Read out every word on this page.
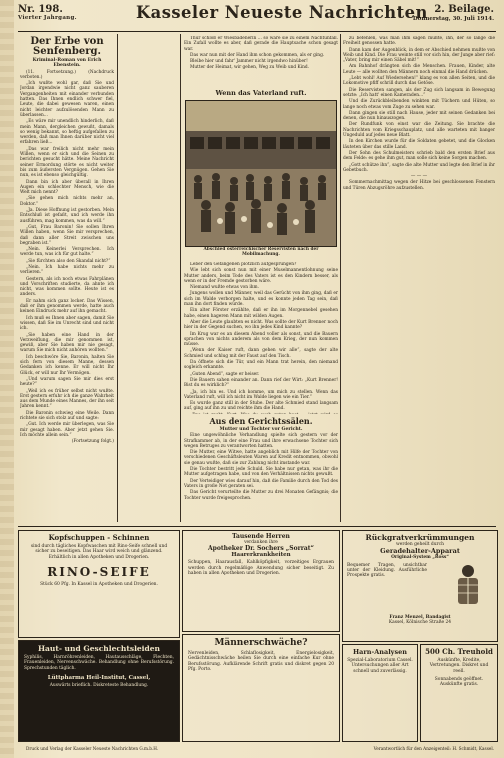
Nr. 198.
Vierter Jahrgang.	Kasseler Neueste Nachrichten 2. Beilage.
Donnerstag, 30. Juli 1914.
Der Erbe von Senfenberg.
Kriminal-Roman von Erich Ebenstein.

(11. Fortsetzung.) (Nachdruck verboten.)

„Ich wußte wohl gar, daß Sie und Jordan irgendwie nicht ganz sauberen Vergangenheiten mit einander verbunden hatten. Das Ihnen endlich schwer fiel, Leute, die dabei gewesen waren, einen nicht leichter aufzulösenden Mann zu überlassen...

„Es wäre mir unendlich hinderlich, daß mein Mann, dergleichen gewußt, damals so wenig bekannt, so heftig aufgefallen zu werden, daß man Ihnen darüber nicht viel erfahren ließ...

„Das war freilich nicht mehr mein Willen, wenn er sich und die Seinen zu berichten gesucht hätte. Meine Nachricht seiner Ermordung störte es nicht weiter bis zum äußersten Vergnügen. Gehen Sie nun, es ist ebenso gleichgültig.

Dann bin ich aber überall in Ihren Augen ein schlechter Mensch, wie die Welt mich nennt?

„Sie gehen mich nichts mehr an, Doktor.“

„Ja. Diese Hoffnung ist gestorben. Mein Entschluß ist gefaßt, und ich werde ihn ausführen, mag kommen, was da will.“

„Gut, Frau Baronin! Sie sollen Ihren Willen haben, wenn Sie mir versprechen, daß dann aller Streit zwischen uns begraben ist.“

„Nein. Keinerlei Versprechen. Ich werde tun, was ich für gut halte.“

„Sie fürchten also den Skandal nicht?“

„Nein. Ich habe nichts mehr zu verlieren.“

Gestern, als ich noch etwas Fahrplänen und Vorschriften studierte, da ahnte ich nicht, was kommen sollte. Heute ist es anders.

Er nahm sich ganz locker. Das Wissen, daß er ihm genommen werde, hatte auch keinen Eindruck mehr auf ihn gemacht.

Ich muß es Ihnen aber sagen, damit Sie wissen, daß Sie im Unrecht sind und nicht ich.

„Sie haben eine Hand in der Verzweiflung, die mir genommen ist, gewiß, aber Sie haben mir nie gesagt, warum Sie mich nicht anhören wollten.“

Ich beschwöre Sie, Baronin, halten Sie sich fern von diesem Manne, dessen Gedanken ich kenne. Er will nicht Ihr Glück, er will nur Ihr Vermögen.

„Und warum sagen Sie mir dies erst heute?“

„Weil ich es früher selbst nicht wußte. Erst gestern erfuhr ich die ganze Wahrheit aus dem Munde eines Mannes, der ihn seit Jahren kennt.“

Die Baronin schwieg eine Weile. Dann richtete sie sich stolz auf und sagte:

„Gut. Ich werde mir überlegen, was Sie mir gesagt haben. Aber jetzt gehen Sie. Ich möchte allein sein.“

(Fortsetzung folgt.)

Thür schloß er Wiesbadenerin ... so wäre sie zu einem Nachtunfall. Ein Zufall wollte es aber, daß gerade die Hauptsache schon gesagt war.

Das war nun mit der Hand ihm schon gekommen, als er ging.

Bleibe hier und fahr' Jammer nicht irgendwo hinüber!

Mutter der Heimat, wir gehen, Weg zu Weib und Kind.

Wenn das Vaterland ruft.
Abschied österreichischer Reservisten nach der Mobilmachung.

Leber den Gefangenen plötzlich aufgesprungen?

Wie lebt sich sonst nun mit einer Muselmannentlohnung seine Mutter anders, beim Tode des Vaters ist es den Kindern besser, als wenn er in der Fremde gestorben wäre.

Niemand wußte etwas von ihm.

Jungens wollen und Männer, weil das Gerücht von ihm ging, daß er sich im Walde verborgen halte, und es konnte jeden Tag sein, daß man ihn dort finden würde.

Ein alter Förster erzählte, daß er ihn im Morgennebel gesehen habe, einen hageren Mann mit wilden Augen.

Aber die Leute glaubten es nicht. Was sollte der Kurt Brenner noch hier in der Gegend suchen, wo ihn jedes Kind kannte?

Im Krug war es an diesem Abend voller als sonst, und die Bauern sprachen von nichts anderem als von dem Krieg, der nun kommen müsse.

„Wenn der Kaiser ruft, dann gehen wir alle“, sagte der alte Schmied und schlug mit der Faust auf den Tisch.

Da öffnete sich die Tür, und ein Mann trat herein, den niemand sogleich erkannte.

„Guten Abend“, sagte er heiser.

Die Bauern sahen einander an. Dann rief der Wirt: „Kurt Brenner! Bist du es wirklich?“

„Ja, ich bin es. Und ich komme, um mich zu stellen. Wenn das Vaterland ruft, will ich nicht im Walde liegen wie ein Tier.“

Es wurde ganz still in der Stube. Der alte Schmied stand langsam auf, ging auf ihn zu und reichte ihm die Hand.

Aus den Gerichtssälen.
Mutter und Tochter vor Gericht.

Eine ungewöhnliche Verhandlung spielte sich gestern vor der Strafkammer ab, in der eine Frau und ihre erwachsene Tochter sich wegen Betruges zu verantworten hatten.

Die Mutter, eine Witwe, hatte angeblich mit Hilfe der Tochter von verschiedenen Geschäftsleuten Waren auf Kredit entnommen, obwohl sie genau wußte, daß sie zur Zahlung nicht imstande war.

Die Tochter bestritt jede Schuld. Sie habe nur getan, was ihr die Mutter aufgetragen habe, und von den Verhältnissen nichts gewußt.

Der Verteidiger wies darauf hin, daß die Familie durch den Tod des Vaters in große Not geraten sei.

Das Gericht verurteilte die Mutter zu drei Monaten Gefängnis; die Tochter wurde freigesprochen.

zu befehlen, was man ihm sagen mußte, ihn, der so lange die Freiheit genossen hatte.

Dann kam der Augenblick, in dem er Abschied nehmen mußte von Weib und Kind. Die Frau weinte still vor sich hin, der Junge aber rief: „Vater, bring mir einen Säbel mit!“

Am Bahnhof drängten sich die Menschen. Frauen, Kinder, alte Leute — alle wollten den Männern noch einmal die Hand drücken.

„Lebt wohl! Auf Wiedersehen!“ klang es von allen Seiten, und die Lokomotive pfiff schrill durch das Getöse.

Die Reservisten sangen, als der Zug sich langsam in Bewegung setzte: „Ich hatt' einen Kameraden...“

Und die Zurückbleibenden winkten mit Tüchern und Hüten, so lange noch etwas vom Zuge zu sehen war.

Dann gingen sie still nach Hause, jeder mit seinen Gedanken bei denen, die nun hinauszogen.

Der Rundfunk von einst war die Zeitung. Sie brachte die Nachrichten vom Kriegsschauplatz, und alle warteten mit banger Ungeduld auf jedes neue Blatt.

In den Kirchen wurde für die Soldaten gebetet, und die Glocken läuteten über das stille Land.

Der Sohn des Schulmeisters schrieb bald den ersten Brief aus dem Felde: es gehe ihm gut, man solle sich keine Sorgen machen.

„Gott schütze ihn“, sagte die alte Mutter und legte den Brief in ihr Gebetbuch.

— — —

Sommernachmittag wegen der Hitze bei geschlossenen Fenstern und Türen Abzugsröhre aufzustellen.

Kopfschuppen - Schinnen
sind durch tägliches Kopfwaschen mit Rino-Seife schnell und sicher zu beseitigen. Das Haar wird weich und glänzend. Erhältlich in allen Apotheken und Drogerien.
RINO-SEIFE
Stück 60 Pfg. In Kassel in Apotheken und Drogerien.
Tausende Herren
verdanken ihre
Apotheker Dr. Sochers „Sorrat“
Haarerkrankheiten
Schuppen, Haarausfall, Kahlköpfigkeit, vorzeitiges Ergrauen werden durch regelmäßige Anwendung sicher beseitigt. Zu haben in allen Apotheken und Drogerien.
Rückgratverkrümmungen
werden geheilt durch
Geradehalter-Apparat
Original-System „Ross“
Bequemer Tragen, unsichtbar unter der Kleidung. Ausführliche Prospekte gratis.
Franz Menzel, Bandagist
Kassel, Kölnische Straße 24
Haut- und Geschlechtsleiden
Syphilis, Harnröhrenleiden, Hautausschläge, Flechten, Frauenleiden, Nervenschwäche. Behandlung ohne Berufsstörung. Sprechstunden täglich.
Lüttpharma Heil-Institut, Cassel,
Auswärts brieflich. Diskreteste Behandlung.
Männerschwäche?
Nervenleiden, Schlaflosigkeit, Energielosigkeit, Gedächtnisschwäche heilen Sie durch eine einfache Kur ohne Berufsstörung. Aufklärende Schrift gratis und diskret gegen 20 Pfg. Porto.
Harn-Analysen
Spezial-Laboratorium Cassel. Untersuchungen aller Art schnell und zuverlässig.
500 Ch. Treuhold
Auskünfte, Kredite, Vertretungen. Diskret und reell.
Sonnabends geöffnet. Auskünfte gratis.
Druck und Verlag der Kasseler Neueste Nachrichten G.m.b.H.	Verantwortlich für den Anzeigenteil: H. Schmidt, Kassel.
